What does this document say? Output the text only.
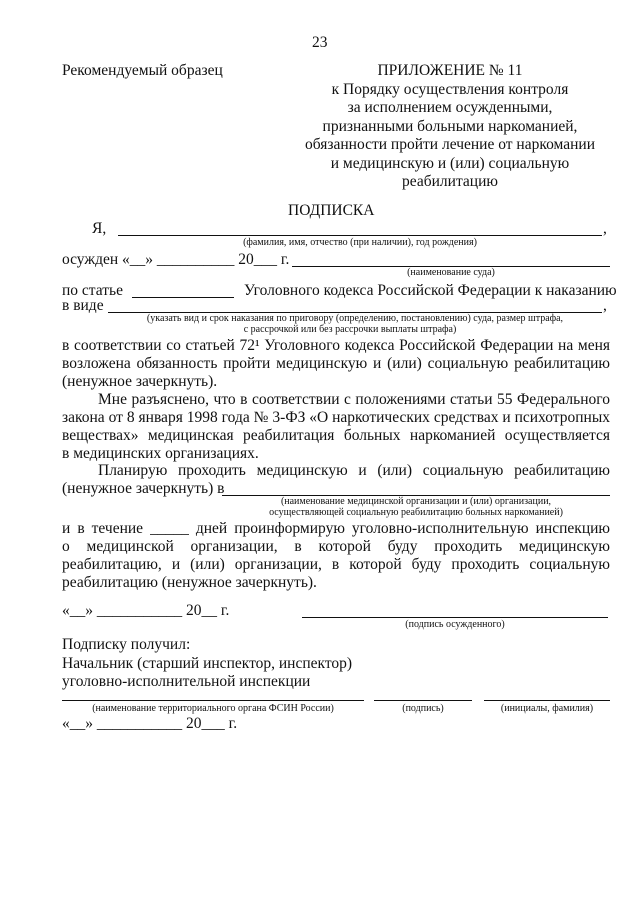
23
Рекомендуемый образец	ПРИЛОЖЕНИЕ № 11
к Порядку осуществления контроля
за исполнением осужденными,
признанными больными наркоманией,
обязанности пройти лечение от наркомании
и медицинскую и (или) социальную
реабилитацию
ПОДПИСКА
Я,	,
(фамилия, имя, отчество (при наличии), год рождения)
осужден «__» __________ 20___ г.
(наименование суда)
по статье	Уголовного кодекса Российской Федерации к наказанию
в виде	,
(указать вид и срок наказания по приговору (определению, постановлению) суда, размер штрафа,
с рассрочкой или без рассрочки выплаты штрафа)
в соответствии со статьей 72¹ Уголовного кодекса Российской Федерации на меня
возложена обязанность пройти медицинскую и (или) социальную реабилитацию
(ненужное зачеркнуть).
Мне разъяснено, что в соответствии с положениями статьи 55 Федерального
закона от 8 января 1998 года № 3-ФЗ «О наркотических средствах и психотропных
веществах» медицинская реабилитация больных наркоманией осуществляется
в медицинских организациях.
Планирую проходить медицинскую и (или) социальную реабилитацию
(ненужное зачеркнуть) в
(наименование медицинской организации и (или) организации,
осуществляющей социальную реабилитацию больных наркоманией)
и в течение _____ дней проинформирую уголовно-исполнительную инспекцию
о медицинской организации, в которой буду проходить медицинскую
реабилитацию, и (или) организации, в которой буду проходить социальную
реабилитацию (ненужное зачеркнуть).
«__» ___________ 20__ г.
(подпись осужденного)
Подписку получил:
Начальник (старший инспектор, инспектор)
уголовно-исполнительной инспекции
(наименование территориального органа ФСИН России)	(подпись)	(инициалы, фамилия)
«__» ___________ 20___ г.
